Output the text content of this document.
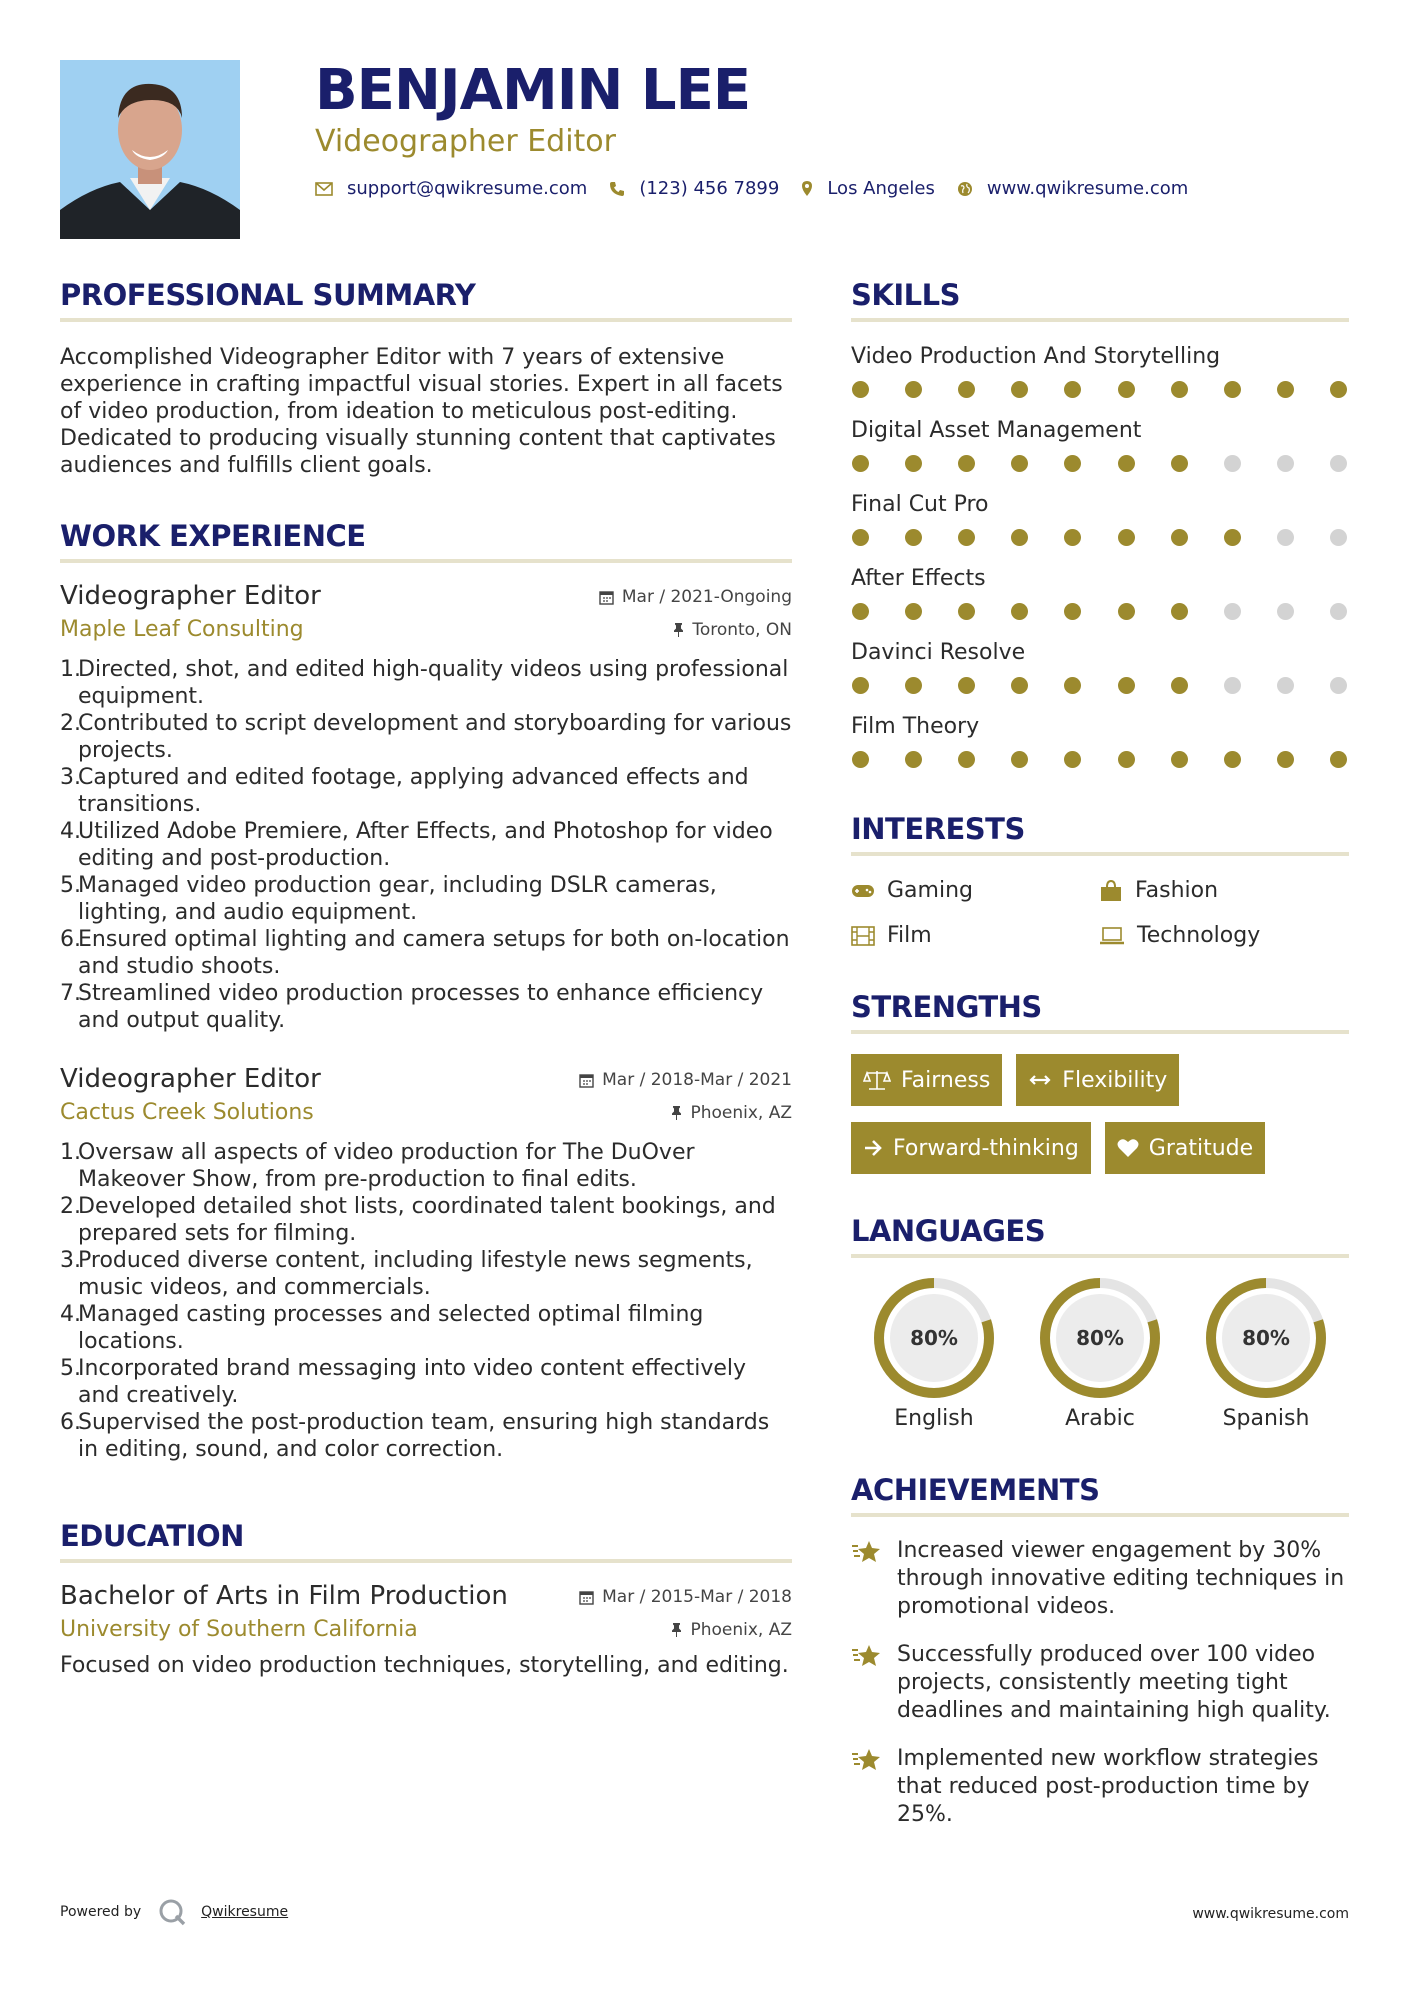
BENJAMIN LEE
Videographer Editor
support@qwikresume.com	(123) 456 7899	Los Angeles	www.qwikresume.com
PROFESSIONAL SUMMARY

Accomplished Videographer Editor with 7 years of extensive experience in crafting impactful visual stories. Expert in all facets of video production, from ideation to meticulous post-editing. Dedicated to producing visually stunning content that captivates audiences and fulfills client goals.

WORK EXPERIENCE
Videographer Editor	Mar / 2021-Ongoing
Maple Leaf Consulting	Toronto, ON
1.
Directed, shot, and edited high-quality videos using professional equipment.
2.
Contributed to script development and storyboarding for various projects.
3.
Captured and edited footage, applying advanced effects and transitions.
4.
Utilized Adobe Premiere, After Effects, and Photoshop for video editing and post-production.
5.
Managed video production gear, including DSLR cameras, lighting, and audio equipment.
6.
Ensured optimal lighting and camera setups for both on-location and studio shoots.
7.
Streamlined video production processes to enhance efficiency and output quality.
Videographer Editor	Mar / 2018-Mar / 2021
Cactus Creek Solutions	Phoenix, AZ
1.
Oversaw all aspects of video production for The DuOver Makeover Show, from pre-production to final edits.
2.
Developed detailed shot lists, coordinated talent bookings, and prepared sets for filming.
3.
Produced diverse content, including lifestyle news segments, music videos, and commercials.
4.
Managed casting processes and selected optimal filming locations.
5.
Incorporated brand messaging into video content effectively and creatively.
6.
Supervised the post-production team, ensuring high standards in editing, sound, and color correction.
EDUCATION
Bachelor of Arts in Film Production	Mar / 2015-Mar / 2018
University of Southern California	Phoenix, AZ

Focused on video production techniques, storytelling, and editing.

SKILLS
Video Production And Storytelling
Digital Asset Management
Final Cut Pro
After Effects
Davinci Resolve
Film Theory
INTERESTS
Gaming	Fashion
Film	Technology
STRENGTHS
Fairness	Flexibility
Forward-thinking	Gratitude
LANGUAGES
80%
English
80%
Arabic
80%
Spanish
ACHIEVEMENTS
Increased viewer engagement by 30% through innovative editing techniques in promotional videos.
Successfully produced over 100 video projects, consistently meeting tight deadlines and maintaining high quality.
Implemented new workflow strategies that reduced post-production time by 25%.
Powered by	Qwikresume	www.qwikresume.com
